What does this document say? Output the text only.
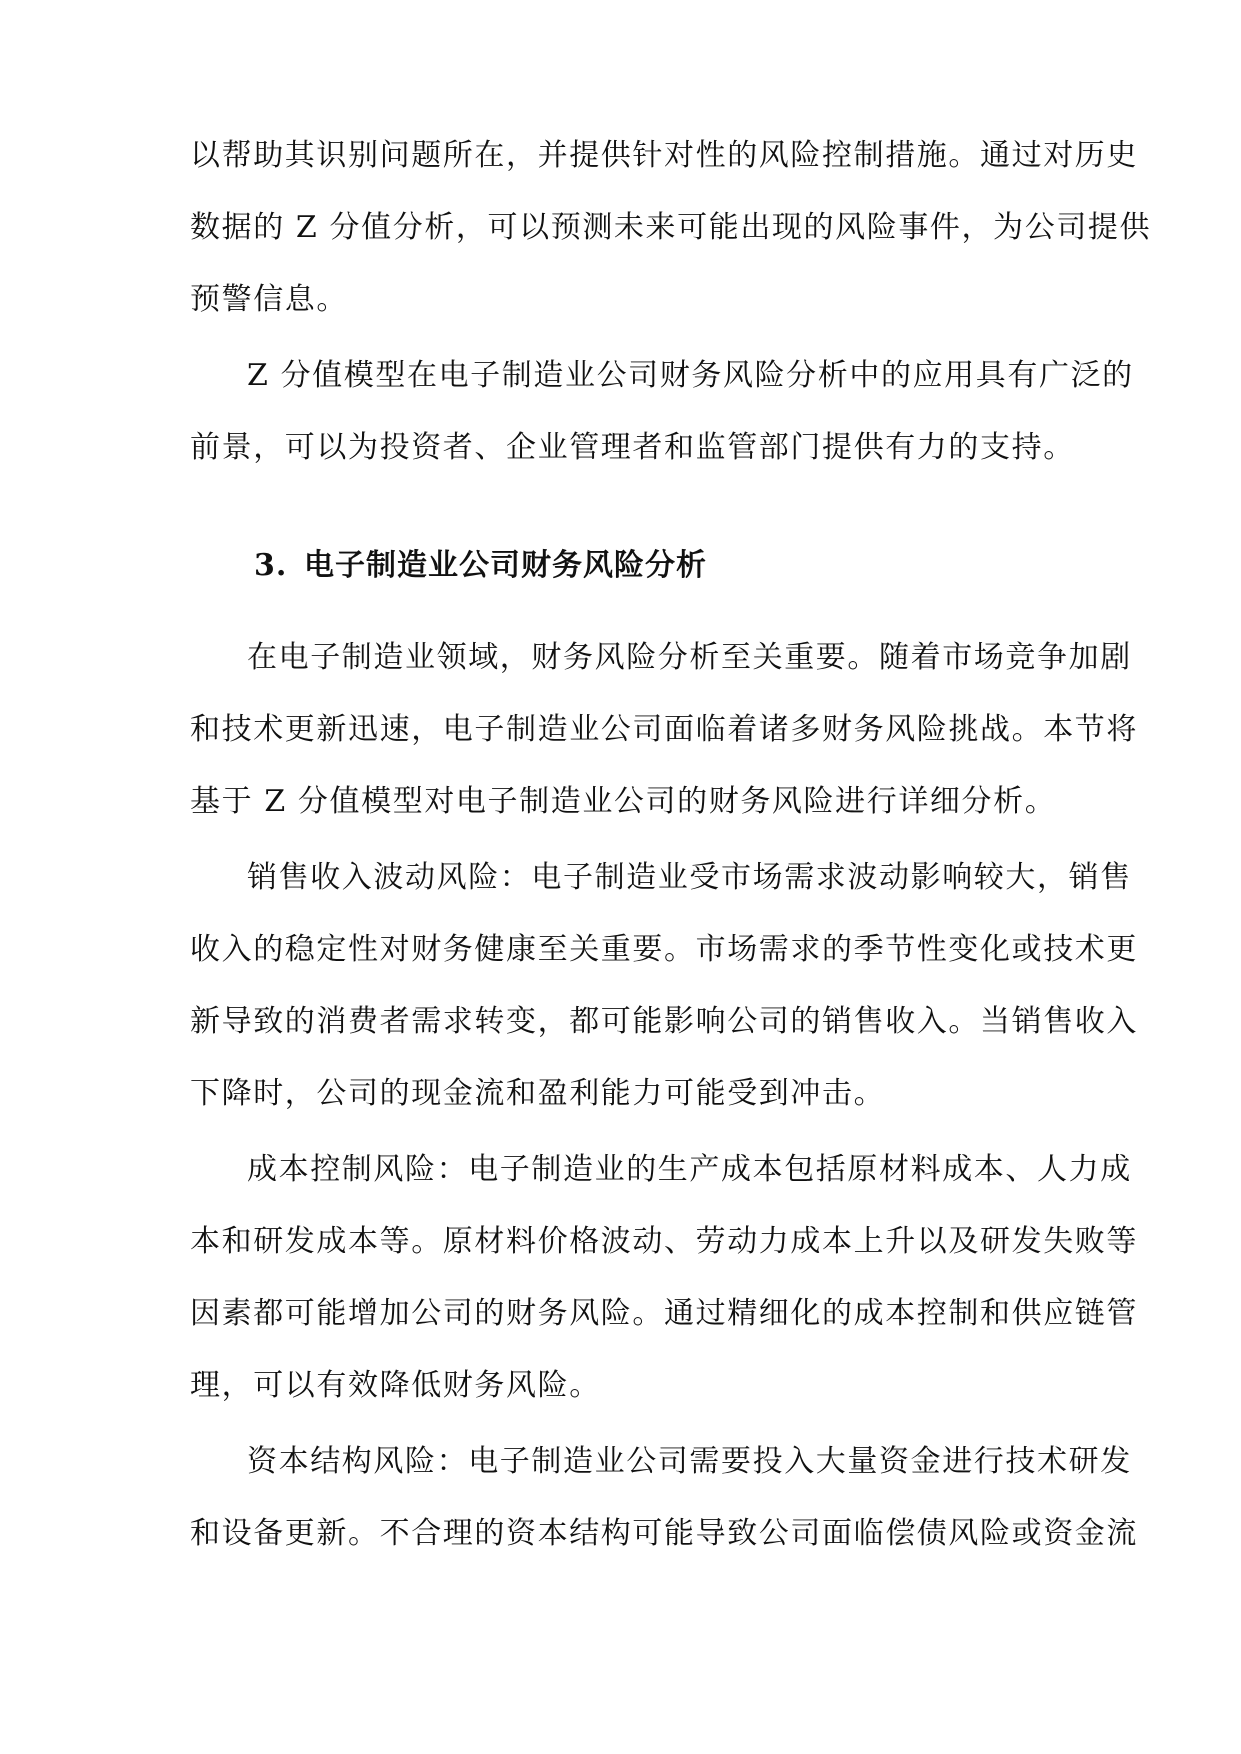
以帮助其识别问题所在，并提供针对性的风险控制措施。通过对历史
数据的 Z 分值分析，可以预测未来可能出现的风险事件，为公司提供
预警信息。
Z 分值模型在电子制造业公司财务风险分析中的应用具有广泛的
前景，可以为投资者、企业管理者和监管部门提供有力的支持。
3. 电子制造业公司财务风险分析
在电子制造业领域，财务风险分析至关重要。随着市场竞争加剧
和技术更新迅速，电子制造业公司面临着诸多财务风险挑战。本节将
基于 Z 分值模型对电子制造业公司的财务风险进行详细分析。
销售收入波动风险：电子制造业受市场需求波动影响较大，销售
收入的稳定性对财务健康至关重要。市场需求的季节性变化或技术更
新导致的消费者需求转变，都可能影响公司的销售收入。当销售收入
下降时，公司的现金流和盈利能力可能受到冲击。
成本控制风险：电子制造业的生产成本包括原材料成本、人力成
本和研发成本等。原材料价格波动、劳动力成本上升以及研发失败等
因素都可能增加公司的财务风险。通过精细化的成本控制和供应链管
理，可以有效降低财务风险。
资本结构风险：电子制造业公司需要投入大量资金进行技术研发
和设备更新。不合理的资本结构可能导致公司面临偿债风险或资金流
